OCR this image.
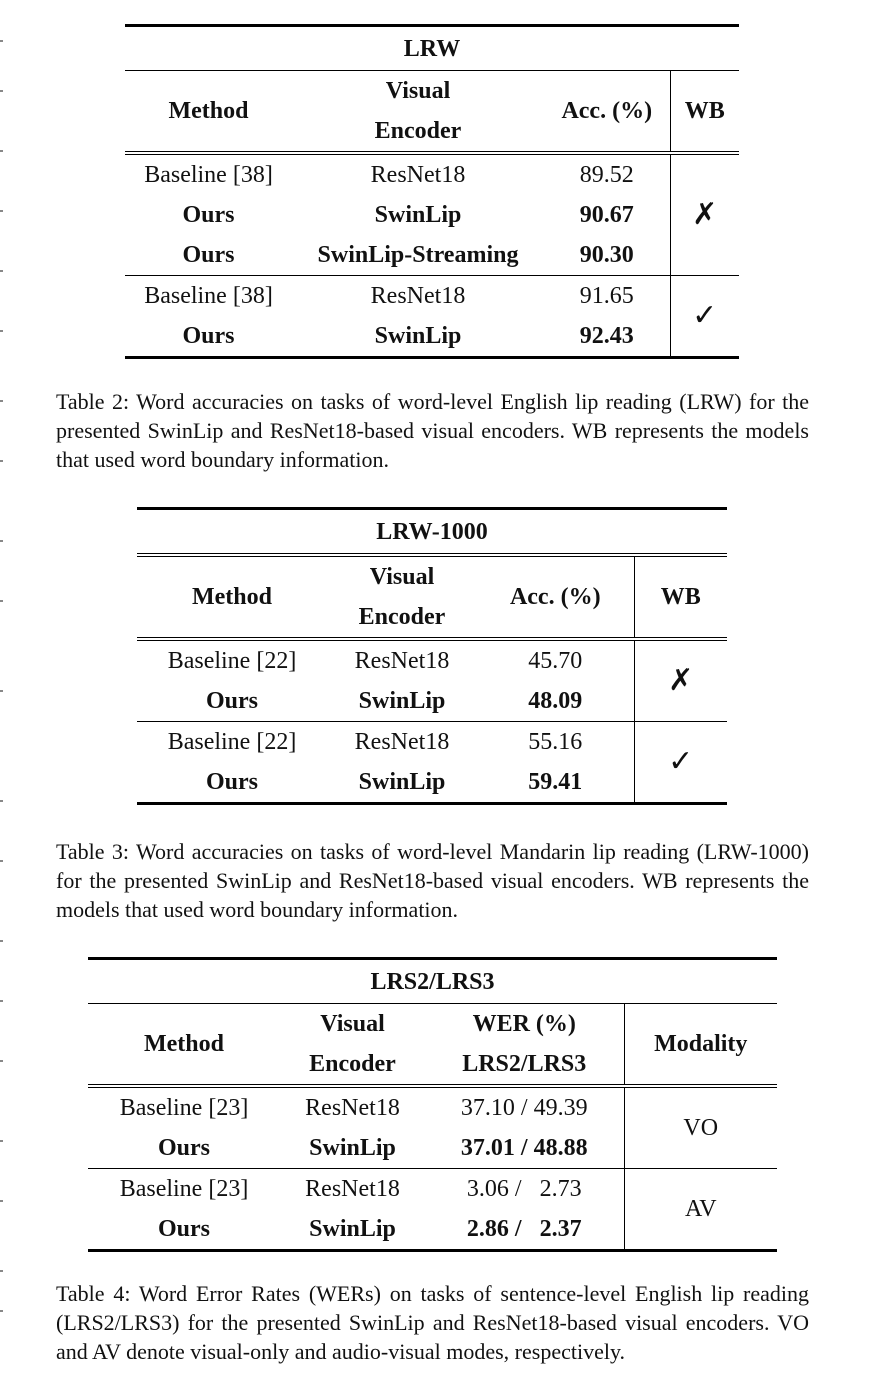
LRW			
Method	Visual	Acc. (%)	WB
	Encoder		
Baseline [38]	ResNet18	89.52	✗
Ours	SwinLip	90.67	
Ours	SwinLip-Streaming	90.30	
Baseline [38]	ResNet18	91.65	✓
Ours	SwinLip	92.43	

Table 2: Word accuracies on tasks of word-level English lip reading (LRW) for the presented SwinLip and ResNet18-based visual encoders. WB represents the models that used word boundary information.

LRW-1000			
Method	Visual	Acc. (%)	WB
	Encoder		
Baseline [22]	ResNet18	45.70	✗
Ours	SwinLip	48.09	
Baseline [22]	ResNet18	55.16	✓
Ours	SwinLip	59.41	

Table 3: Word accuracies on tasks of word-level Mandarin lip reading (LRW-1000) for the presented SwinLip and ResNet18-based visual encoders. WB represents the models that used word boundary information.

LRS2/LRS3			
Method	Visual	WER (%)	Modality
	Encoder	LRS2/LRS3	
Baseline [23]	ResNet18	37.10 / 49.39	VO
Ours	SwinLip	37.01 / 48.88	
Baseline [23]	ResNet18	3.06 /   2.73	AV
Ours	SwinLip	2.86 /   2.37	

Table 4: Word Error Rates (WERs) on tasks of sentence-level English lip reading (LRS2/LRS3) for the presented SwinLip and ResNet18-based visual encoders. VO and AV denote visual-only and audio-visual modes, respectively.
